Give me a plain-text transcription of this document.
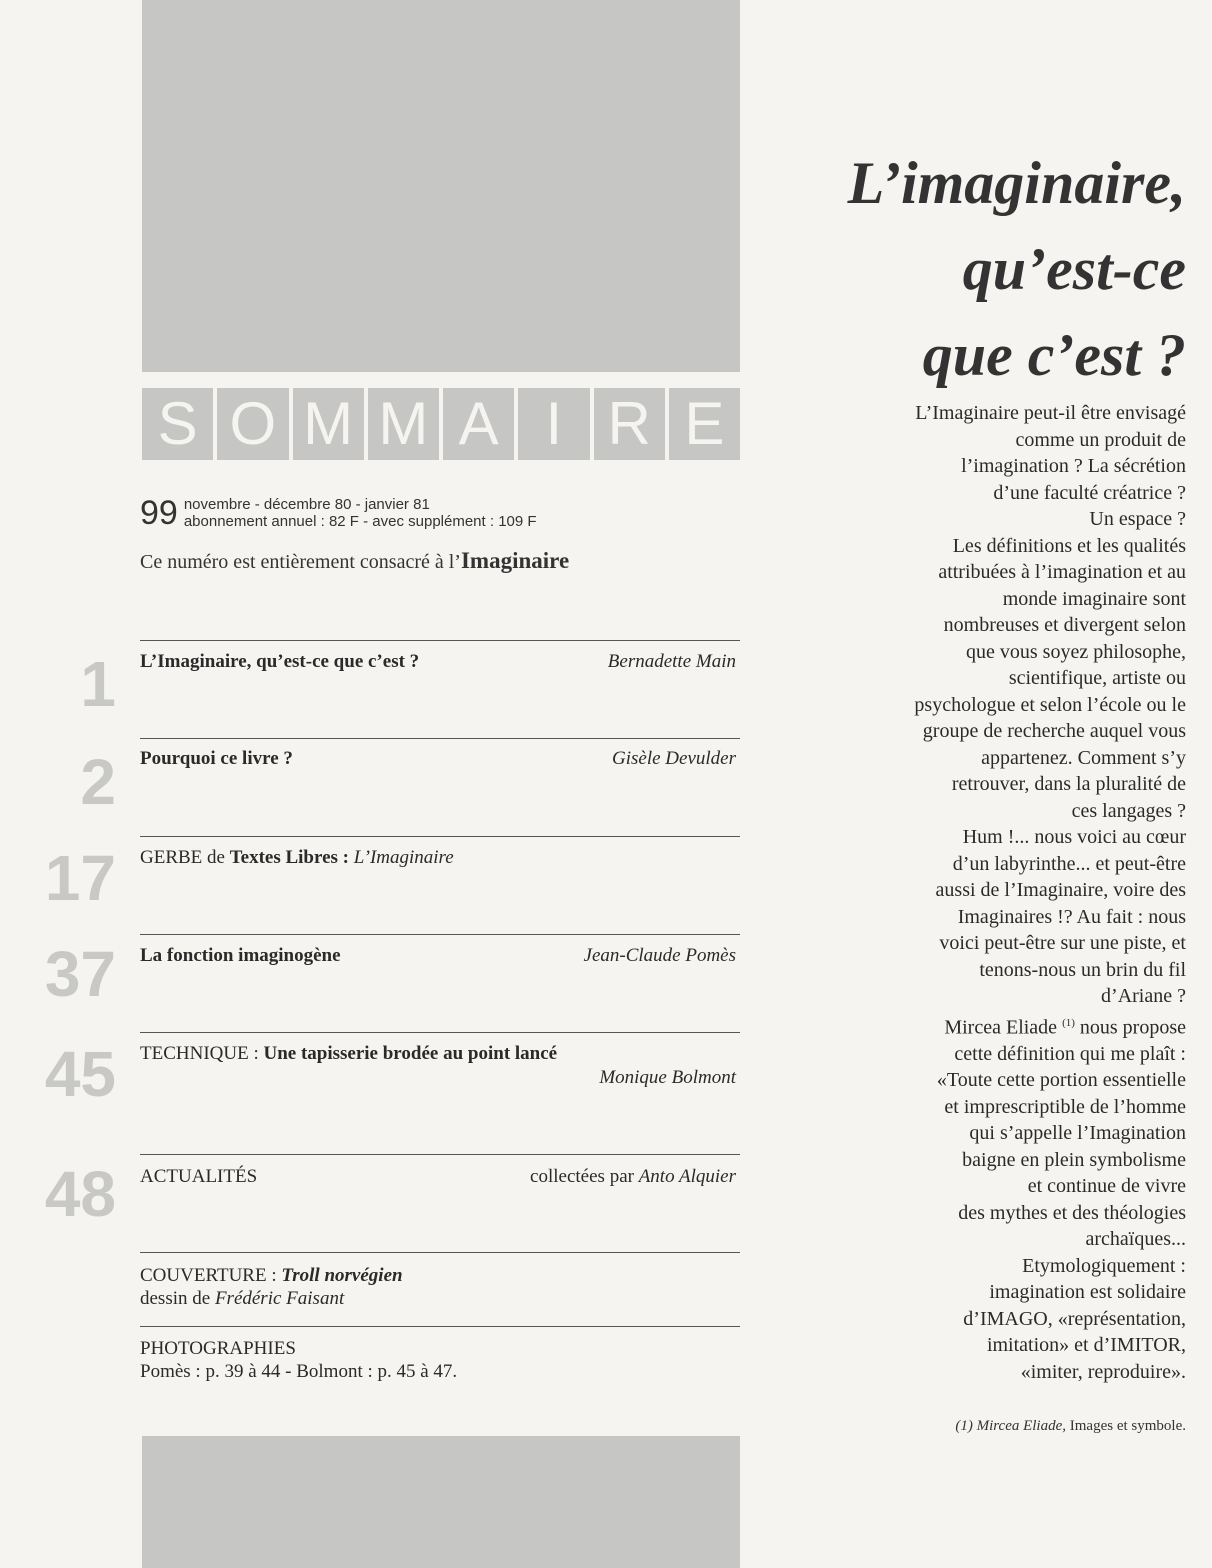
S O M M A I R E
99 novembre - décembre 80 - janvier 81
abonnement annuel : 82 F - avec supplément : 109 F
Ce numéro est entièrement consacré à l’Imaginaire
1 L’Imaginaire, qu’est-ce que c’est ?	Bernadette Main
2 Pourquoi ce livre ?	Gisèle Devulder
17 GERBE de Textes Libres : L’Imaginaire
37 La fonction imaginogène	Jean-Claude Pomès
45 TECHNIQUE : Une tapisserie brodée au point lancé
Monique Bolmont
48 ACTUALITÉS	collectées par Anto Alquier
COUVERTURE : Troll norvégien
dessin de Frédéric Faisant
PHOTOGRAPHIES
Pomès : p. 39 à 44 - Bolmont : p. 45 à 47.
L’imaginaire,
qu’est-ce
que c’est ?

L’Imaginaire peut-il être envisagé

comme un produit de

l’imagination ? La sécrétion

d’une faculté créatrice ?

Un espace ?

Les définitions et les qualités

attribuées à l’imagination et au

monde imaginaire sont

nombreuses et divergent selon

que vous soyez philosophe,

scientifique, artiste ou

psychologue et selon l’école ou le

groupe de recherche auquel vous

appartenez. Comment s’y

retrouver, dans la pluralité de

ces langages ?

Hum !... nous voici au cœur

d’un labyrinthe... et peut-être

aussi de l’Imaginaire, voire des

Imaginaires !? Au fait : nous

voici peut-être sur une piste, et

tenons-nous un brin du fil

d’Ariane ?

Mircea Eliade $^{(1)}$ nous propose

cette définition qui me plaît :

«Toute cette portion essentielle

et imprescriptible de l’homme

qui s’appelle l’Imagination

baigne en plein symbolisme

et continue de vivre

des mythes et des théologies

archaïques...

Etymologiquement :

imagination est solidaire

d’IMAGO, «représentation,

imitation» et d’IMITOR,

«imiter, reproduire».

(1) Mircea Eliade, Images et symbole.
